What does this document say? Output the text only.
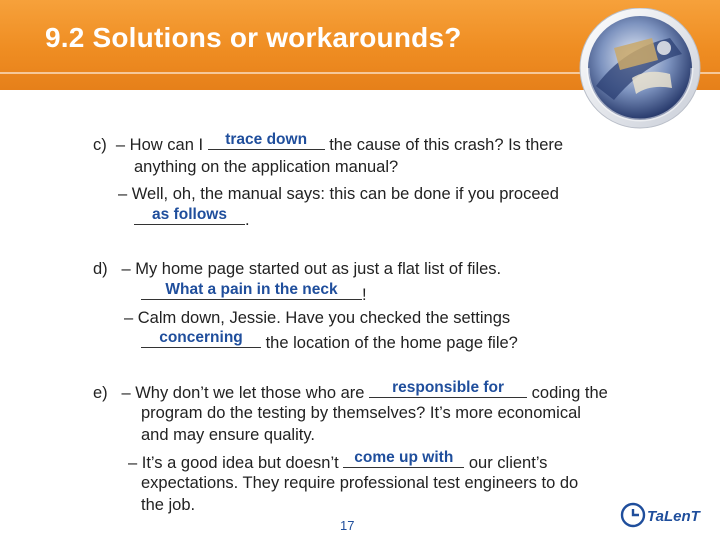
9.2 Solutions or workarounds?
c) – How can I	trace down	the cause of this crash? Is there
anything on the application manual?
– Well, oh, the manual says: this can be done if you proceed
as follows	.
d) – My home page started out as just a flat list of files.
What a pain in the neck	!
– Calm down, Jessie. Have you checked the settings
concerning	the location of the home page file?
e) – Why don’t we let those who are	responsible for	coding the
program do the testing by themselves? It’s more economical
and may ensure quality.
– It’s a good idea but doesn’t come up with our client’s
expectations. They require professional test engineers to do
the job.
17
TaLenT
